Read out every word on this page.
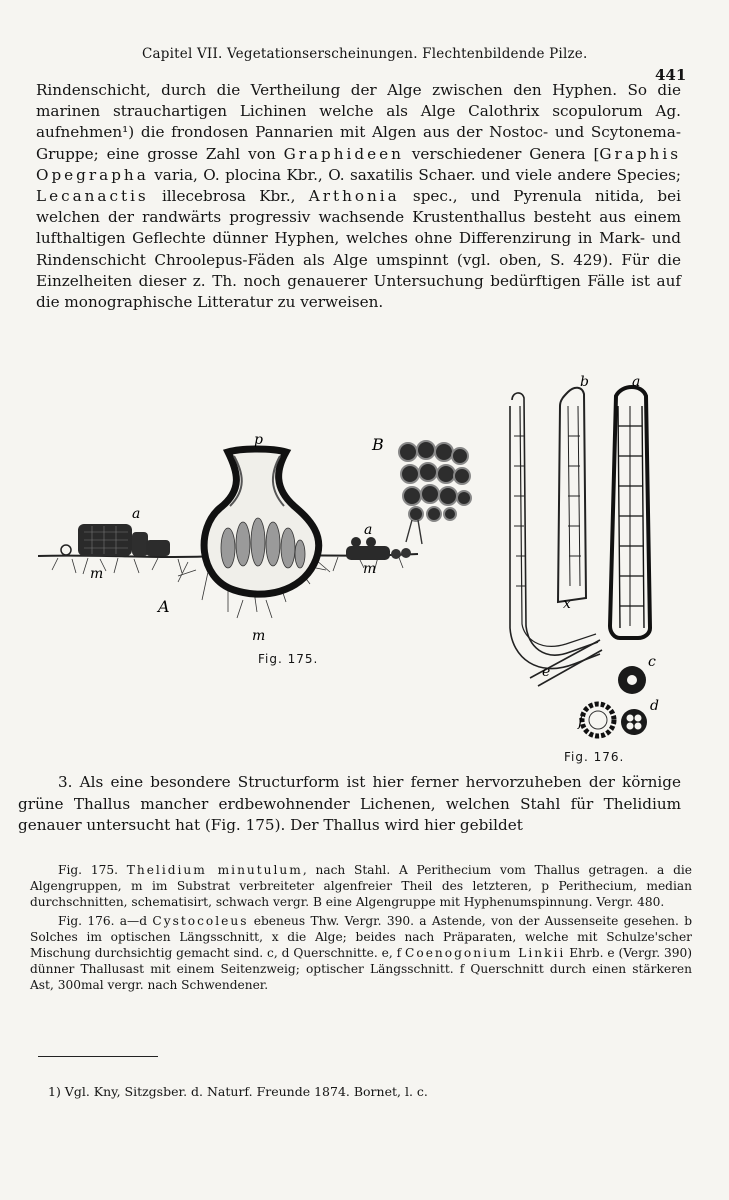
Capitel VII. Vegetationserscheinungen. Flechtenbildende Pilze.
441

Rindenschicht, durch die Vertheilung der Alge zwischen den Hyphen. So die marinen strauchartigen Lichinen welche als Alge Calothrix scopulorum Ag. aufnehmen¹) die frondosen Pannarien mit Algen aus der Nostoc- und Scytonema-Gruppe; eine grosse Zahl von Graphideen verschiedener Genera [Graphis Opegrapha varia, O. plocina Kbr., O. saxatilis Schaer. und viele andere Species; Lecanactis illecebrosa Kbr., Arthonia spec., und Pyrenula nitida, bei welchen der randwärts progressiv wachsende Krustenthallus besteht aus einem lufthaltigen Geflechte dünner Hyphen, welches ohne Differenzirung in Mark- und Rindenschicht Chroolepus-Fäden als Alge umspinnt (vgl. oben, S. 429). Für die Einzelheiten dieser z. Th. noch genauerer Untersuchung bedürftigen Fälle ist auf die monographische Litteratur zu verweisen.

p
a
a
m
m
m
A
B
Fig. 175.
b	a
c
d
e
f
x
Fig. 176.

3. Als eine besondere Structurform ist hier ferner hervorzuheben der körnige grüne Thallus mancher erdbewohnender Lichenen, welchen Stahl für Thelidium genauer untersucht hat (Fig. 175). Der Thallus wird hier gebildet

Fig. 175. Thelidium minutulum, nach Stahl. A Perithecium vom Thallus getragen. a die Algengruppen, m im Substrat verbreiteter algenfreier Theil des letzteren, p Perithecium, median durchschnitten, schematisirt, schwach vergr. B eine Algengruppe mit Hyphenumspinnung. Vergr. 480.

Fig. 176. a—d Cystocoleus ebeneus Thw. Vergr. 390. a Astende, von der Aussenseite gesehen. b Solches im optischen Längsschnitt, x die Alge; beides nach Präparaten, welche mit Schulze'scher Mischung durchsichtig gemacht sind. c, d Querschnitte. e, f Coenogonium Linkii Ehrb. e (Vergr. 390) dünner Thallusast mit einem Seitenzweig; optischer Längsschnitt. f Querschnitt durch einen stärkeren Ast, 300mal vergr. nach Schwendener.

1) Vgl. Kny, Sitzgsber. d. Naturf. Freunde 1874. Bornet, l. c.
